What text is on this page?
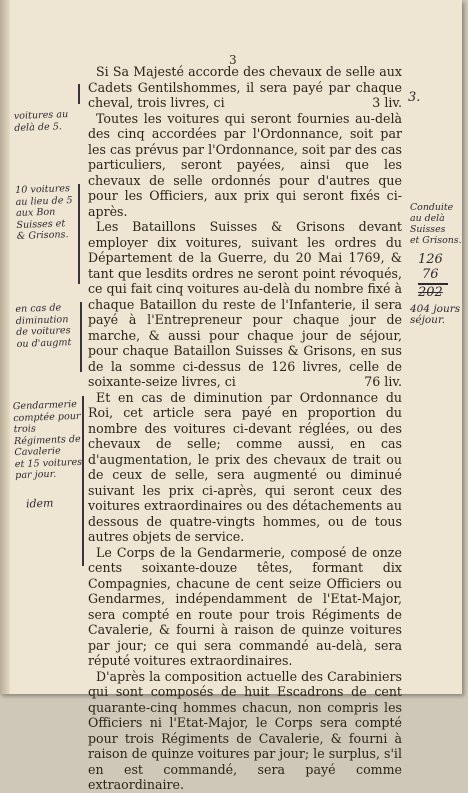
3

Si Sa Majesté accorde des chevaux de selle aux Cadets Gentilshommes, il sera payé par chaque cheval, trois livres, ci	3 liv.

Toutes les voitures qui seront fournies au-delà des cinq accordées par l'Ordonnance, soit par les cas prévus par l'Ordonnance, soit par des cas particuliers, seront payées, ainsi que les chevaux de selle ordonnés pour d'autres que pour les Officiers, aux prix qui seront fixés ci-après.

Les Bataillons Suisses & Grisons devant employer dix voitures, suivant les ordres du Département de la Guerre, du 20 Mai 1769, & tant que lesdits ordres ne seront point révoqués, ce qui fait cinq voitures au-delà du nombre fixé à chaque Bataillon du reste de l'Infanterie, il sera payé à l'Entrepreneur pour chaque jour de marche, & aussi pour chaque jour de séjour, pour chaque Bataillon Suisses & Grisons, en sus de la somme ci-dessus de 126 livres, celle de soixante-seize livres, ci	76 liv.

Et en cas de diminution par Ordonnance du Roi, cet article sera payé en proportion du nombre des voitures ci-devant réglées, ou des chevaux de selle; comme aussi, en cas d'augmentation, le prix des chevaux de trait ou de ceux de selle, sera augmenté ou diminué suivant les prix ci-après, qui seront ceux des voitures extraordinaires ou des détachements au dessous de quatre-vingts hommes, ou de tous autres objets de service.

Le Corps de la Gendarmerie, composé de onze cents soixante-douze têtes, formant dix Compagnies, chacune de cent seize Officiers ou Gendarmes, indépendamment de l'Etat-Major, sera compté en route pour trois Régiments de Cavalerie, & fourni à raison de quinze voitures par jour; ce qui sera commandé au-delà, sera réputé voitures extraordinaires.

D'après la composition actuelle des Carabiniers qui sont composés de huit Escadrons de cent quarante-cinq hommes chacun, non compris les Officiers ni l'Etat-Major, le Corps sera compté pour trois Régiments de Cavalerie, & fourni à raison de quinze voitures par jour; le surplus, s'il en est commandé, sera payé comme extraordinaire.

voitures au
delà de 5.
10 voitures
au lieu de 5
aux Bon
Suisses et
& Grisons.
en cas de
diminution
de voitures
ou d'augmt
Gendarmerie
comptée pour
trois
Régiments de
Cavalerie
et 15 voitures
par jour.
idem
3.
Conduite
au delà
Suisses
et Grisons.
126
76
202
404 jours
séjour.
